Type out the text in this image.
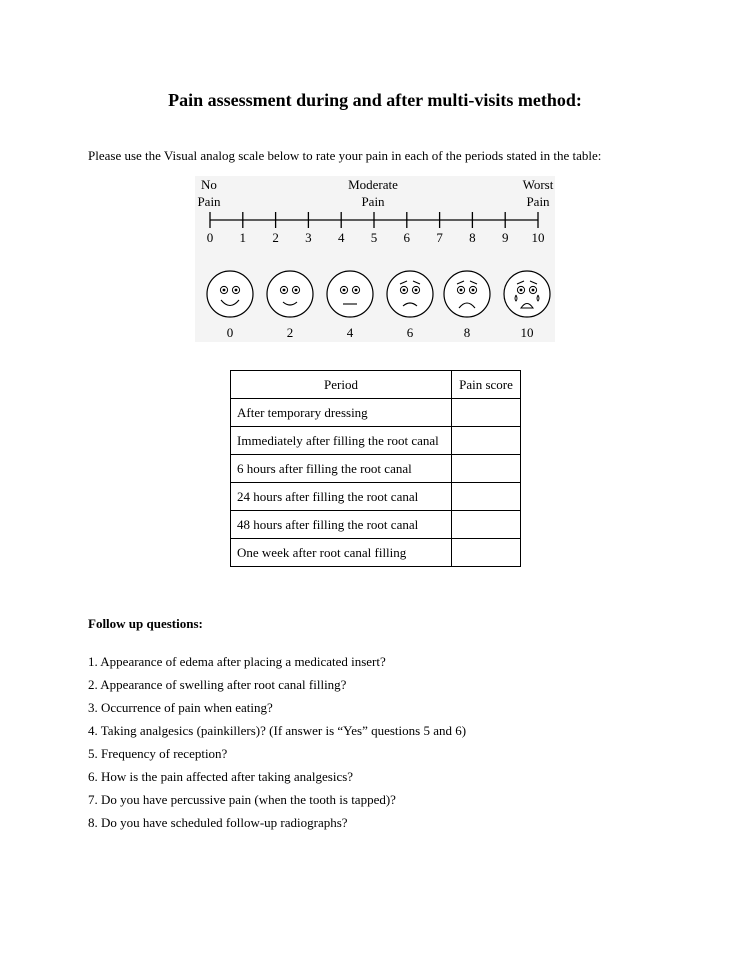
Pain assessment during and after multi-visits method:
Please use the Visual analog scale below to rate your pain in each of the periods stated in the table:
No
Pain
Moderate
Pain
Worst
Pain
0	1	2	3	4	5	6	7	8	9	10
0	2	4	6	8	10
Period	Pain score
After temporary dressing	
Immediately after filling the root canal	
6 hours after filling the root canal	
24 hours after filling the root canal	
48 hours after filling the root canal	
One week after root canal filling	
Follow up questions:
1. Appearance of edema after placing a medicated insert?
2. Appearance of swelling after root canal filling?
3. Occurrence of pain when eating?
4. Taking analgesics (painkillers)? (If answer is “Yes” questions 5 and 6)
5. Frequency of reception?
6. How is the pain affected after taking analgesics?
7. Do you have percussive pain (when the tooth is tapped)?
8. Do you have scheduled follow-up radiographs?
